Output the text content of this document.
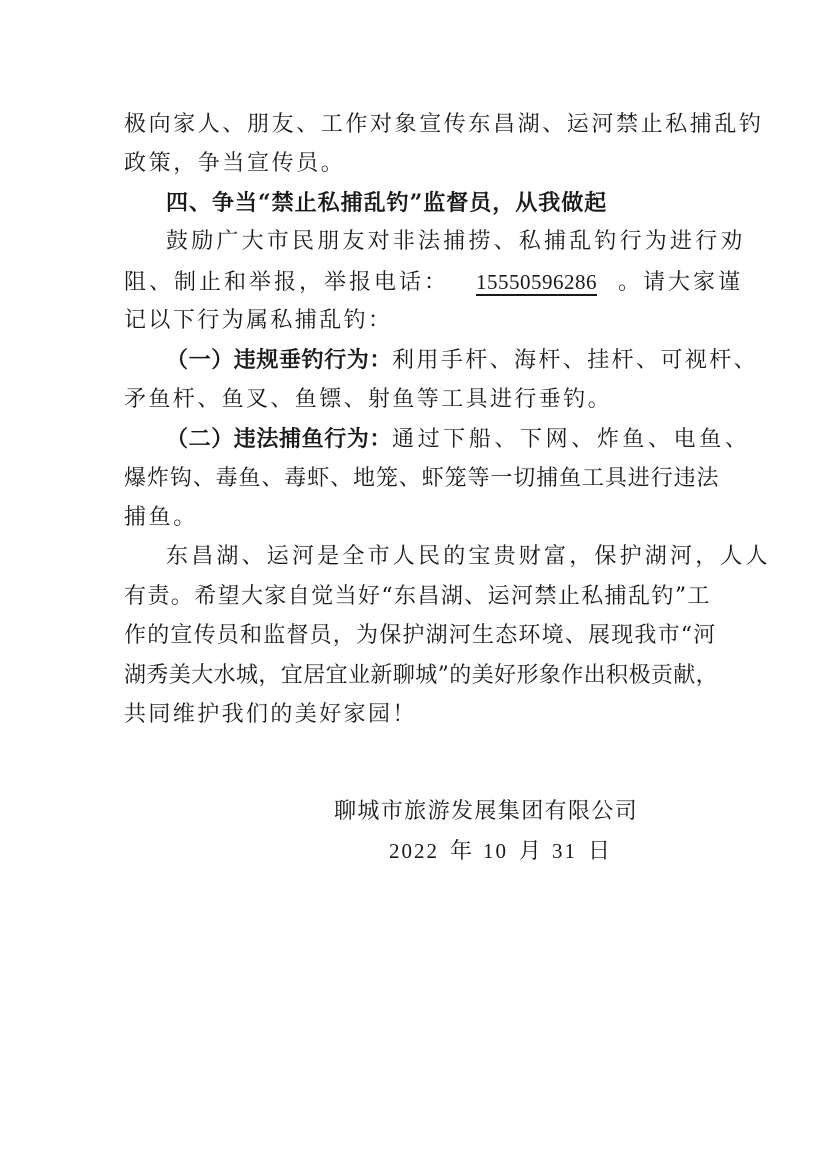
极向家人、朋友、工作对象宣传东昌湖、运河禁止私捕乱钓
政策，争当宣传员。
四、争当“禁止私捕乱钓”监督员，从我做起
鼓励广大市民朋友对非法捕捞、私捕乱钓行为进行劝
阻、制止和举报，举报电话： 15550596286 。请大家谨
记以下行为属私捕乱钓：
（一）违规垂钓行为：利用手杆、海杆、挂杆、可视杆、
矛鱼杆、鱼叉、鱼镖、射鱼等工具进行垂钓。
（二）违法捕鱼行为：通过下船、下网、炸鱼、电鱼、
爆炸钩、毒鱼、毒虾、地笼、虾笼等一切捕鱼工具进行违法
捕鱼。
东昌湖、运河是全市人民的宝贵财富，保护湖河，人人
有责。希望大家自觉当好“东昌湖、运河禁止私捕乱钓”工
作的宣传员和监督员，为保护湖河生态环境、展现我市“河
湖秀美大水城，宜居宜业新聊城”的美好形象作出积极贡献，
共同维护我们的美好家园！
聊城市旅游发展集团有限公司
2022 年 10 月 31 日
